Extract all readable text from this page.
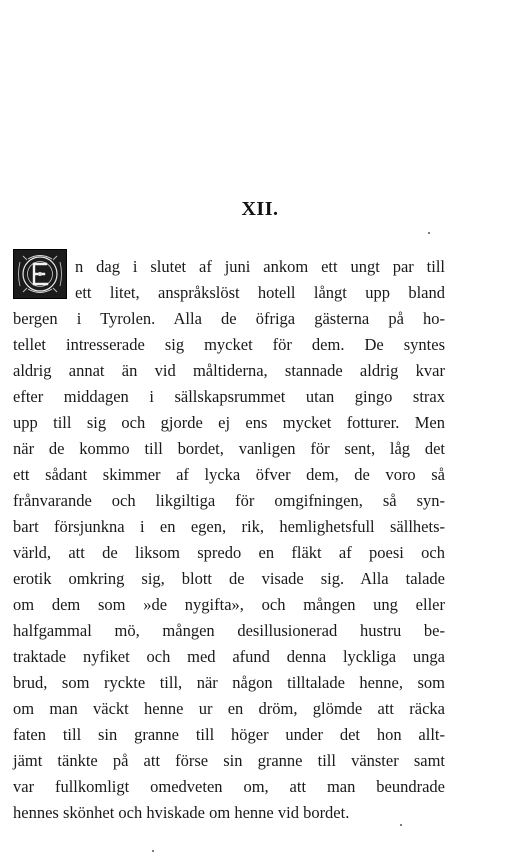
XII.
n dag i slutet af juni ankom ett ungt par till
ett litet, anspråkslöst hotell långt upp bland
bergen i Tyrolen. Alla de öfriga gästerna på ho-
tellet intresserade sig mycket för dem. De syntes
aldrig annat än vid måltiderna, stannade aldrig kvar
efter middagen i sällskapsrummet utan gingo strax
upp till sig och gjorde ej ens mycket fotturer. Men
när de kommo till bordet, vanligen för sent, låg det
ett sådant skimmer af lycka öfver dem, de voro så
frånvarande och likgiltiga för omgifningen, så syn-
bart försjunkna i en egen, rik, hemlighetsfull sällhets-
värld, att de liksom spredo en fläkt af poesi och
erotik omkring sig, blott de visade sig. Alla talade
om dem som »de nygifta», och mången ung eller
halfgammal mö, mången desillusionerad hustru be-
traktade nyfiket och med afund denna lyckliga unga
brud, som ryckte till, när någon tilltalade henne, som
om man väckt henne ur en dröm, glömde att räcka
faten till sin granne till höger under det hon allt-
jämt tänkte på att förse sin granne till vänster samt
var fullkomligt omedveten om, att man beundrade
hennes skönhet och hviskade om henne vid bordet.
